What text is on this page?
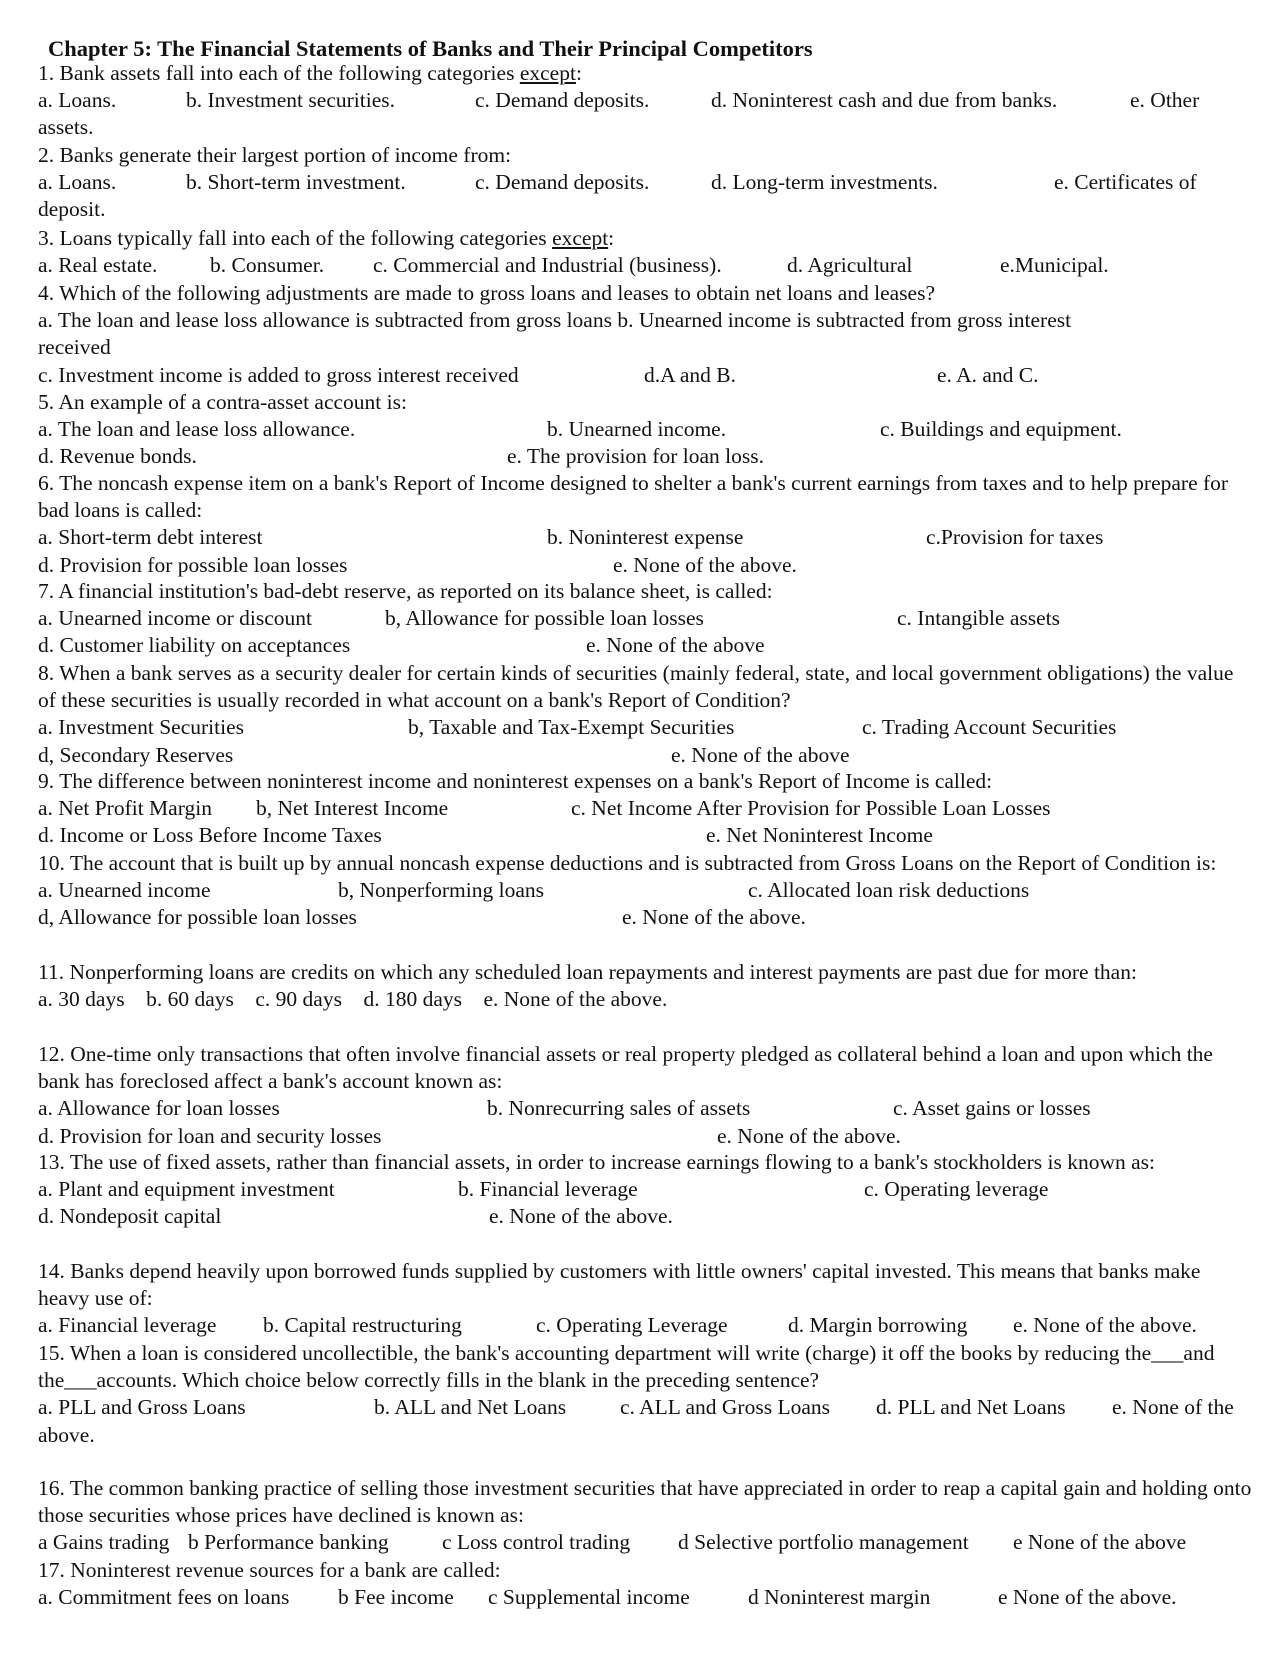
Chapter 5: The Financial Statements of Banks and Their Principal Competitors
1. Bank assets fall into each of the following categories except:
a. Loans.	b. Investment securities.	c. Demand deposits.	d. Noninterest cash and due from banks.	e. Other
assets.
2. Banks generate their largest portion of income from:
a. Loans.	b. Short-term investment.	c. Demand deposits.	d. Long-term investments.	e. Certificates of
deposit.
3. Loans typically fall into each of the following categories except:
a. Real estate. b. Consumer. c. Commercial and Industrial (business).	d. Agricultural	e.Municipal.
4. Which of the following adjustments are made to gross loans and leases to obtain net loans and leases?
a. The loan and lease loss allowance is subtracted from gross loans b. Unearned income is subtracted from gross interest
received
c. Investment income is added to gross interest received	d.A and B.	e. A. and C.
5. An example of a contra-asset account is:
a. The loan and lease loss allowance.	b. Unearned income.	c. Buildings and equipment.
d. Revenue bonds.	e. The provision for loan loss.
6. The noncash expense item on a bank's Report of Income designed to shelter a bank's current earnings from taxes and to help prepare for bad loans is called:
a. Short-term debt interest	b. Noninterest expense	c.Provision for taxes
d. Provision for possible loan losses	e. None of the above.
7. A financial institution's bad-debt reserve, as reported on its balance sheet, is called:
a. Unearned income or discount	b, Allowance for possible loan losses	c. Intangible assets
d. Customer liability on acceptances	e. None of the above
8. When a bank serves as a security dealer for certain kinds of securities (mainly federal, state, and local government obligations) the value of these securities is usually recorded in what account on a bank's Report of Condition?
a. Investment Securities	b, Taxable and Tax-Exempt Securities	c. Trading Account Securities
d, Secondary Reserves	e. None of the above
9. The difference between noninterest income and noninterest expenses on a bank's Report of Income is called:
a. Net Profit Margin b, Net Interest Income	c. Net Income After Provision for Possible Loan Losses
d. Income or Loss Before Income Taxes	e. Net Noninterest Income
10. The account that is built up by annual noncash expense deductions and is subtracted from Gross Loans on the Report of Condition is:
a. Unearned income	b, Nonperforming loans	c. Allocated loan risk deductions
d, Allowance for possible loan losses	e. None of the above.
11. Nonperforming loans are credits on which any scheduled loan repayments and interest payments are past due for more than:
a. 30 days    b. 60 days    c. 90 days    d. 180 days    e. None of the above.
12. One-time only transactions that often involve financial assets or real property pledged as collateral behind a loan and upon which the bank has foreclosed affect a bank's account known as:
a. Allowance for loan losses	b. Nonrecurring sales of assets	c. Asset gains or losses
d. Provision for loan and security losses	e. None of the above.
13. The use of fixed assets, rather than financial assets, in order to increase earnings flowing to a bank's stockholders is known as:
a. Plant and equipment investment	b. Financial leverage	c. Operating leverage
d. Nondeposit capital	e. None of the above.
14. Banks depend heavily upon borrowed funds supplied by customers with little owners' capital invested. This means that banks make heavy use of:
a. Financial leverage b. Capital restructuring	c. Operating Leverage	d. Margin borrowing e. None of the above.
15. When a loan is considered uncollectible, the bank's accounting department will write (charge) it off the books by reducing the___and the___accounts. Which choice below correctly fills in the blank in the preceding sentence?
a. PLL and Gross Loans	b. ALL and Net Loans	c. ALL and Gross Loans d. PLL and Net Loans e. None of the
above.
16. The common banking practice of selling those investment securities that have appreciated in order to reap a capital gain and holding onto those securities whose prices have declined is known as:
a Gains trading b Performance banking c Loss control trading d Selective portfolio management e None of the above
17. Noninterest revenue sources for a bank are called:
a. Commitment fees on loans b Fee income c Supplemental income	d Noninterest margin	e None of the above.
